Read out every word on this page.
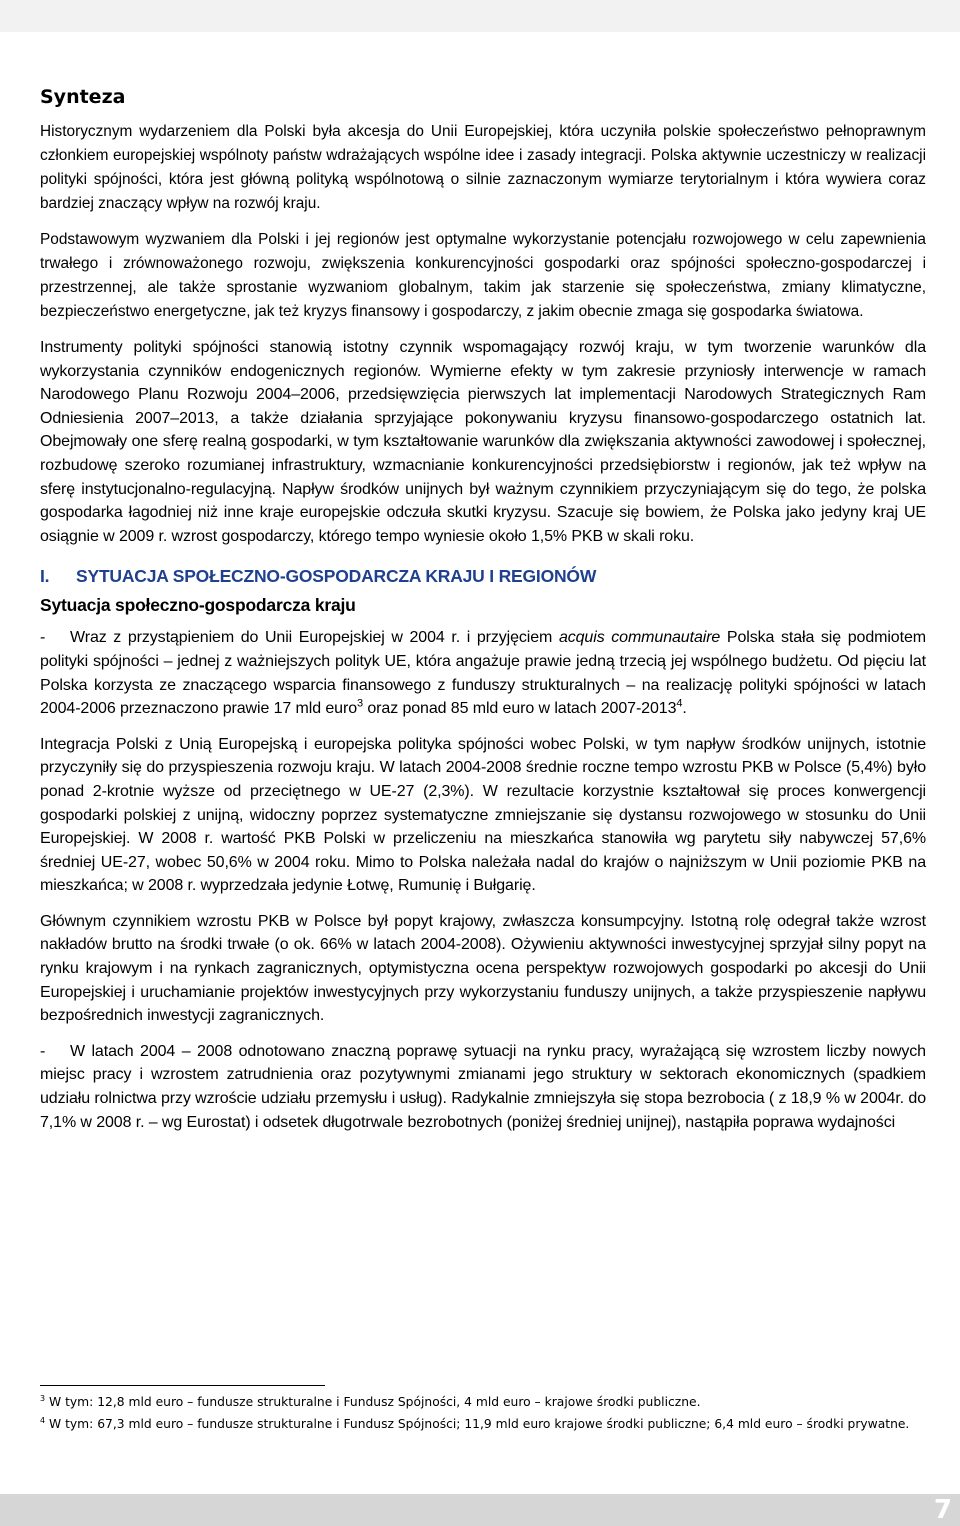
Synteza

Historycznym wydarzeniem dla Polski była akcesja do Unii Europejskiej, która uczyniła polskie społeczeństwo pełnoprawnym członkiem europejskiej wspólnoty państw wdrażających wspólne idee i zasady integracji. Polska aktywnie uczestniczy w realizacji polityki spójności, która jest główną polityką wspólnotową o silnie zaznaczonym wymiarze terytorialnym i która wywiera coraz bardziej znaczący wpływ na rozwój kraju.

Podstawowym wyzwaniem dla Polski i jej regionów jest optymalne wykorzystanie potencjału rozwojowego w celu zapewnienia trwałego i zrównoważonego rozwoju, zwiększenia konkurencyjności gospodarki oraz spójności społeczno-gospodarczej i przestrzennej, ale także sprostanie wyzwaniom globalnym, takim jak starzenie się społeczeństwa, zmiany klimatyczne, bezpieczeństwo energetyczne, jak też kryzys finansowy i gospodarczy, z jakim obecnie zmaga się gospodarka światowa.

Instrumenty polityki spójności stanowią istotny czynnik wspomagający rozwój kraju, w tym tworzenie warunków dla wykorzystania czynników endogenicznych regionów. Wymierne efekty w tym zakresie przyniosły interwencje w ramach Narodowego Planu Rozwoju 2004–2006, przedsięwzięcia pierwszych lat implementacji Narodowych Strategicznych Ram Odniesienia 2007–2013, a także działania sprzyjające pokonywaniu kryzysu finansowo-gospodarczego ostatnich lat. Obejmowały one sferę realną gospodarki, w tym kształtowanie warunków dla zwiększania aktywności zawodowej i społecznej, rozbudowę szeroko rozumianej infrastruktury, wzmacnianie konkurencyjności przedsiębiorstw i regionów, jak też wpływ na sferę instytucjonalno-regulacyjną. Napływ środków unijnych był ważnym czynnikiem przyczyniającym się do tego, że polska gospodarka łagodniej niż inne kraje europejskie odczuła skutki kryzysu. Szacuje się bowiem, że Polska jako jedyny kraj UE osiągnie w 2009 r. wzrost gospodarczy, którego tempo wyniesie około 1,5% PKB w skali roku.

I.	SYTUACJA SPOŁECZNO-GOSPODARCZA KRAJU I REGIONÓW
Sytuacja społeczno-gospodarcza kraju

- Wraz z przystąpieniem do Unii Europejskiej w 2004 r. i przyjęciem acquis communautaire Polska stała się podmiotem polityki spójności – jednej z ważniejszych polityk UE, która angażuje prawie jedną trzecią jej wspólnego budżetu. Od pięciu lat Polska korzysta ze znaczącego wsparcia finansowego z funduszy strukturalnych – na realizację polityki spójności w latach 2004-2006 przeznaczono prawie 17 mld euro$^3$ oraz ponad 85 mld euro w latach 2007-2013$^4$.

Integracja Polski z Unią Europejską i europejska polityka spójności wobec Polski, w tym napływ środków unijnych, istotnie przyczyniły się do przyspieszenia rozwoju kraju. W latach 2004-2008 średnie roczne tempo wzrostu PKB w Polsce (5,4%) było ponad 2-krotnie wyższe od przeciętnego w UE-27 (2,3%). W rezultacie korzystnie kształtował się proces konwergencji gospodarki polskiej z unijną, widoczny poprzez systematyczne zmniejszanie się dystansu rozwojowego w stosunku do Unii Europejskiej. W 2008 r. wartość PKB Polski w przeliczeniu na mieszkańca stanowiła wg parytetu siły nabywczej 57,6% średniej UE-27, wobec 50,6% w 2004 roku. Mimo to Polska należała nadal do krajów o najniższym w Unii poziomie PKB na mieszkańca; w 2008 r. wyprzedzała jedynie Łotwę, Rumunię i Bułgarię.

Głównym czynnikiem wzrostu PKB w Polsce był popyt krajowy, zwłaszcza konsumpcyjny. Istotną rolę odegrał także wzrost nakładów brutto na środki trwałe (o ok. 66% w latach 2004-2008). Ożywieniu aktywności inwestycyjnej sprzyjał silny popyt na rynku krajowym i na rynkach zagranicznych, optymistyczna ocena perspektyw rozwojowych gospodarki po akcesji do Unii Europejskiej i uruchamianie projektów inwestycyjnych przy wykorzystaniu funduszy unijnych, a także przyspieszenie napływu bezpośrednich inwestycji zagranicznych.

- W latach 2004 – 2008 odnotowano znaczną poprawę sytuacji na rynku pracy, wyrażającą się wzrostem liczby nowych miejsc pracy i wzrostem zatrudnienia oraz pozytywnymi zmianami jego struktury w sektorach ekonomicznych (spadkiem udziału rolnictwa przy wzroście udziału przemysłu i usług). Radykalnie zmniejszyła się stopa bezrobocia ( z 18,9 % w 2004r. do 7,1% w 2008 r. – wg Eurostat) i odsetek długotrwale bezrobotnych (poniżej średniej unijnej), nastąpiła poprawa wydajności

$^3$ W tym: 12,8 mld euro – fundusze strukturalne i Fundusz Spójności, 4 mld euro – krajowe środki publiczne.

$^4$ W tym: 67,3 mld euro – fundusze strukturalne i Fundusz Spójności; 11,9 mld euro krajowe środki publiczne; 6,4 mld euro – środki prywatne.

7
